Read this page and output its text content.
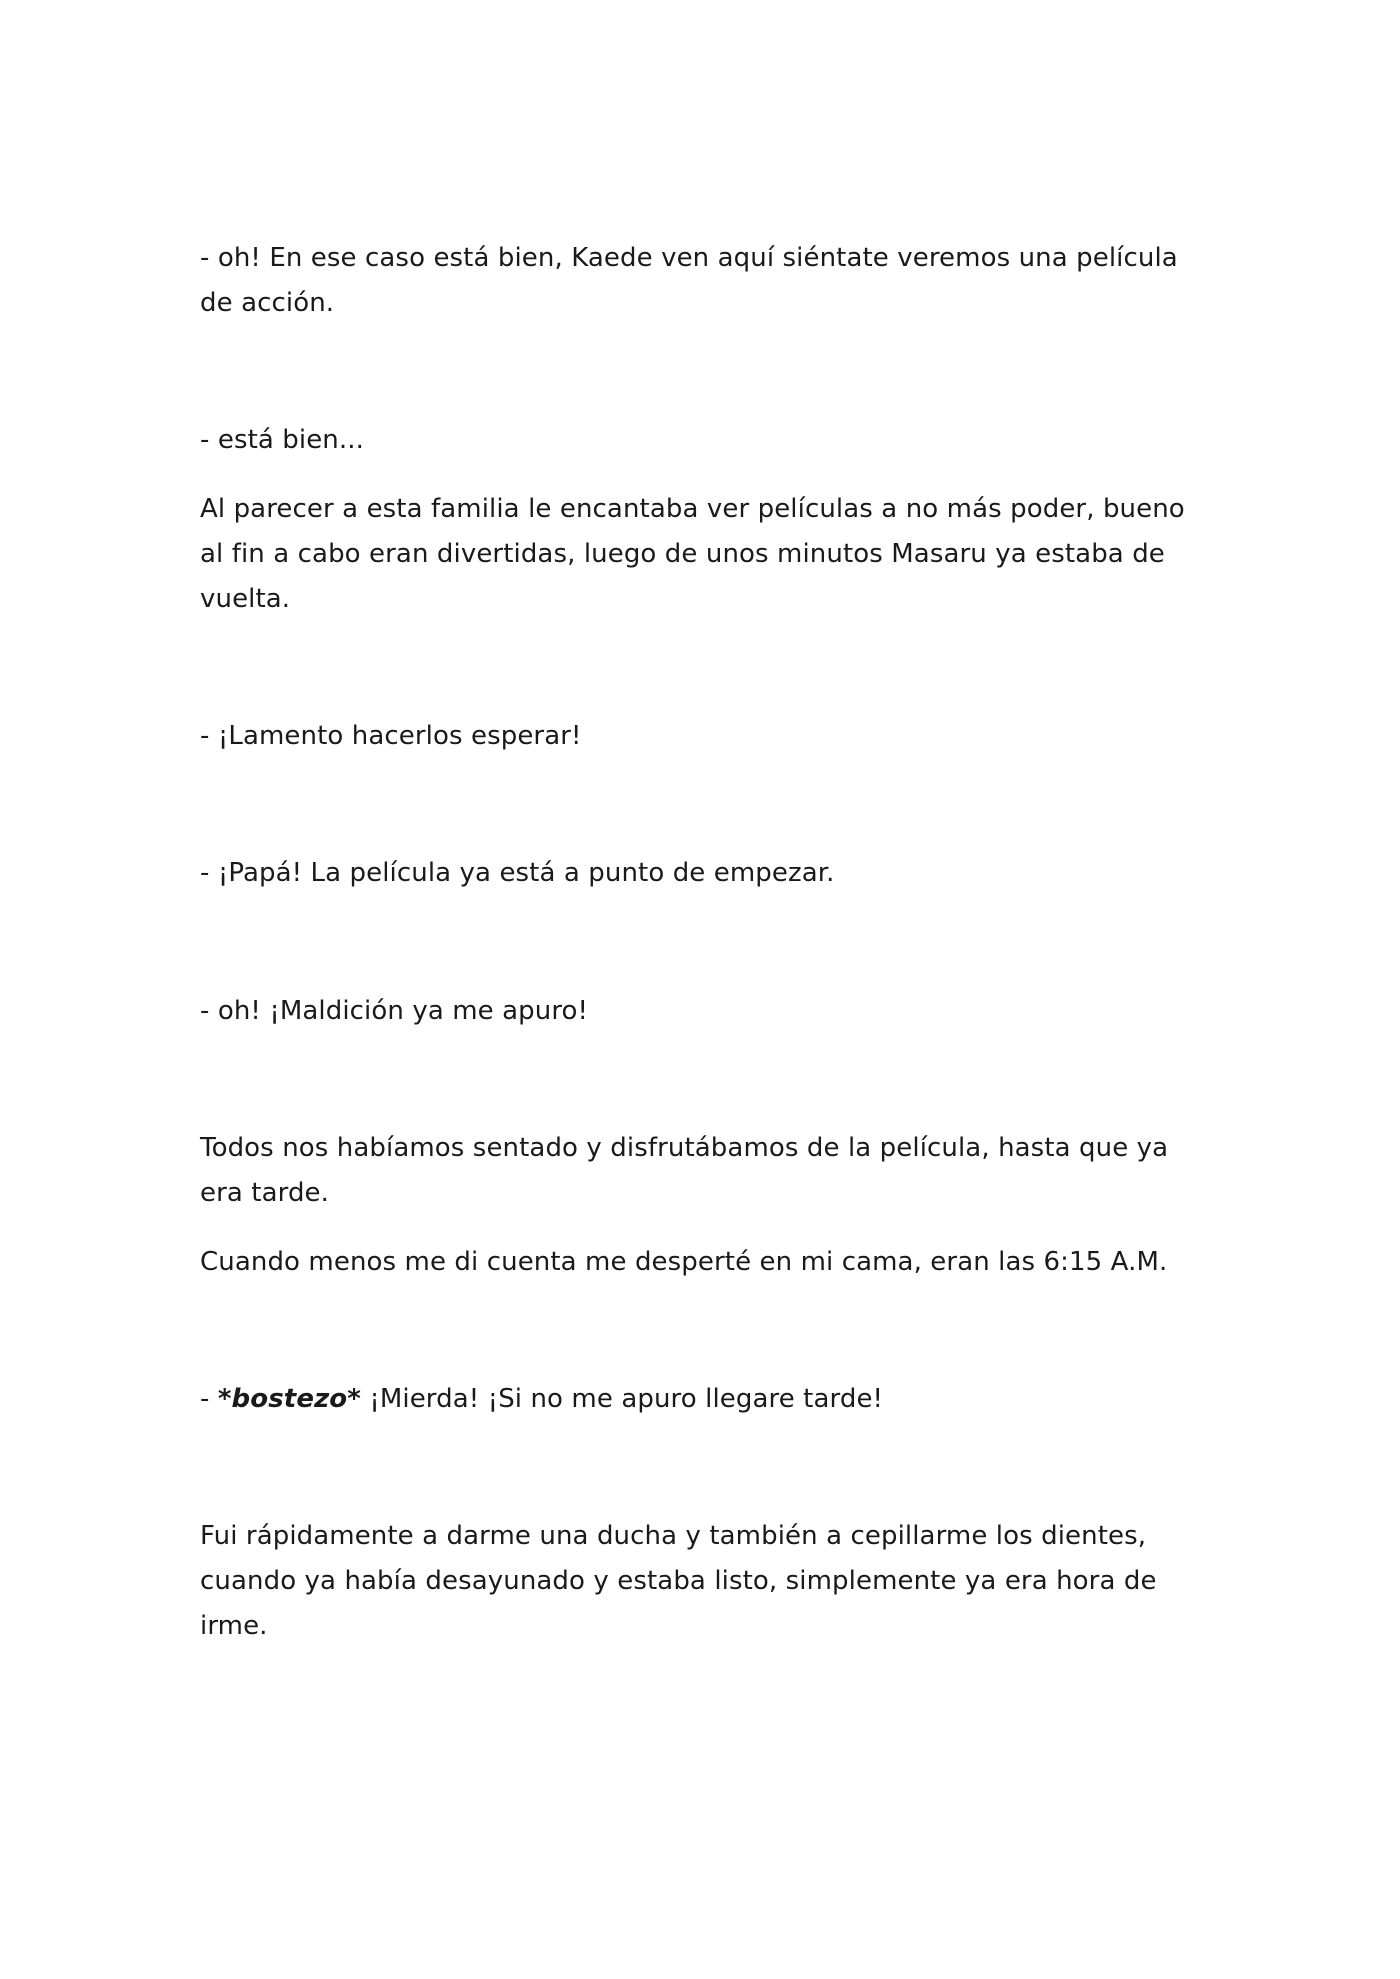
- oh! En ese caso está bien, Kaede ven aquí siéntate veremos una película de acción.

- está bien...

Al parecer a esta familia le encantaba ver películas a no más poder, bueno al fin a cabo eran divertidas, luego de unos minutos Masaru ya estaba de vuelta.

- ¡Lamento hacerlos esperar!

- ¡Papá! La película ya está a punto de empezar.

- oh! ¡Maldición ya me apuro!

Todos nos habíamos sentado y disfrutábamos de la película, hasta que ya era tarde.

Cuando menos me di cuenta me desperté en mi cama, eran las 6:15 A.M.

- *bostezo* ¡Mierda! ¡Si no me apuro llegare tarde!

Fui rápidamente a darme una ducha y también a cepillarme los dientes, cuando ya había desayunado y estaba listo, simplemente ya era hora de irme.
